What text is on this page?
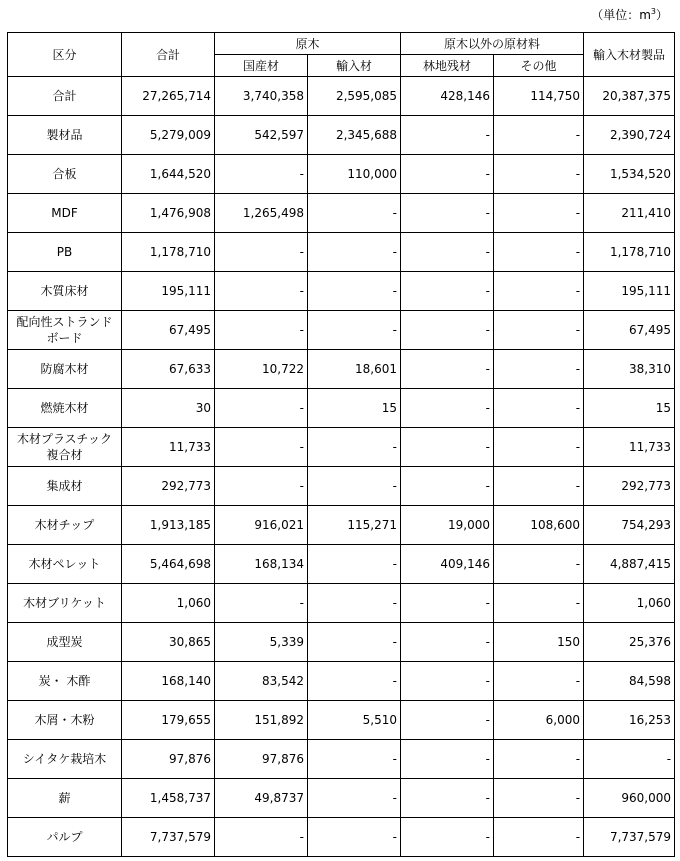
（単位：$m^3$）
区分	合計	原木		原木以外の原材料		輸入木材製品
		国産材	輸入材	林地残材	その他	
合計	27,265,714	3,740,358	2,595,085	428,146	114,750	20,387,375
製材品	5,279,009	542,597	2,345,688	-	-	2,390,724
合板	1,644,520	-	110,000	-	-	1,534,520
MDF	1,476,908	1,265,498	-	-	-	211,410
PB	1,178,710	-	-	-	-	1,178,710
木質床材	195,111	-	-	-	-	195,111
配向性ストランドボード	67,495	-	-	-	-	67,495
防腐木材	67,633	10,722	18,601	-	-	38,310
燃焼木材	30	-	15	-	-	15
木材プラスチック複合材	11,733	-	-	-	-	11,733
集成材	292,773	-	-	-	-	292,773
木材チップ	1,913,185	916,021	115,271	19,000	108,600	754,293
木材ペレット	5,464,698	168,134	-	409,146	-	4,887,415
木材ブリケット	1,060	-	-	-	-	1,060
成型炭	30,865	5,339	-	-	150	25,376
炭・ 木酢	168,140	83,542	-	-	-	84,598
木屑・木粉	179,655	151,892	5,510	-	6,000	16,253
シイタケ栽培木	97,876	97,876	-	-	-	-
薪	1,458,737	49,8737	-	-	-	960,000
パルプ	7,737,579	-	-	-	-	7,737,579
